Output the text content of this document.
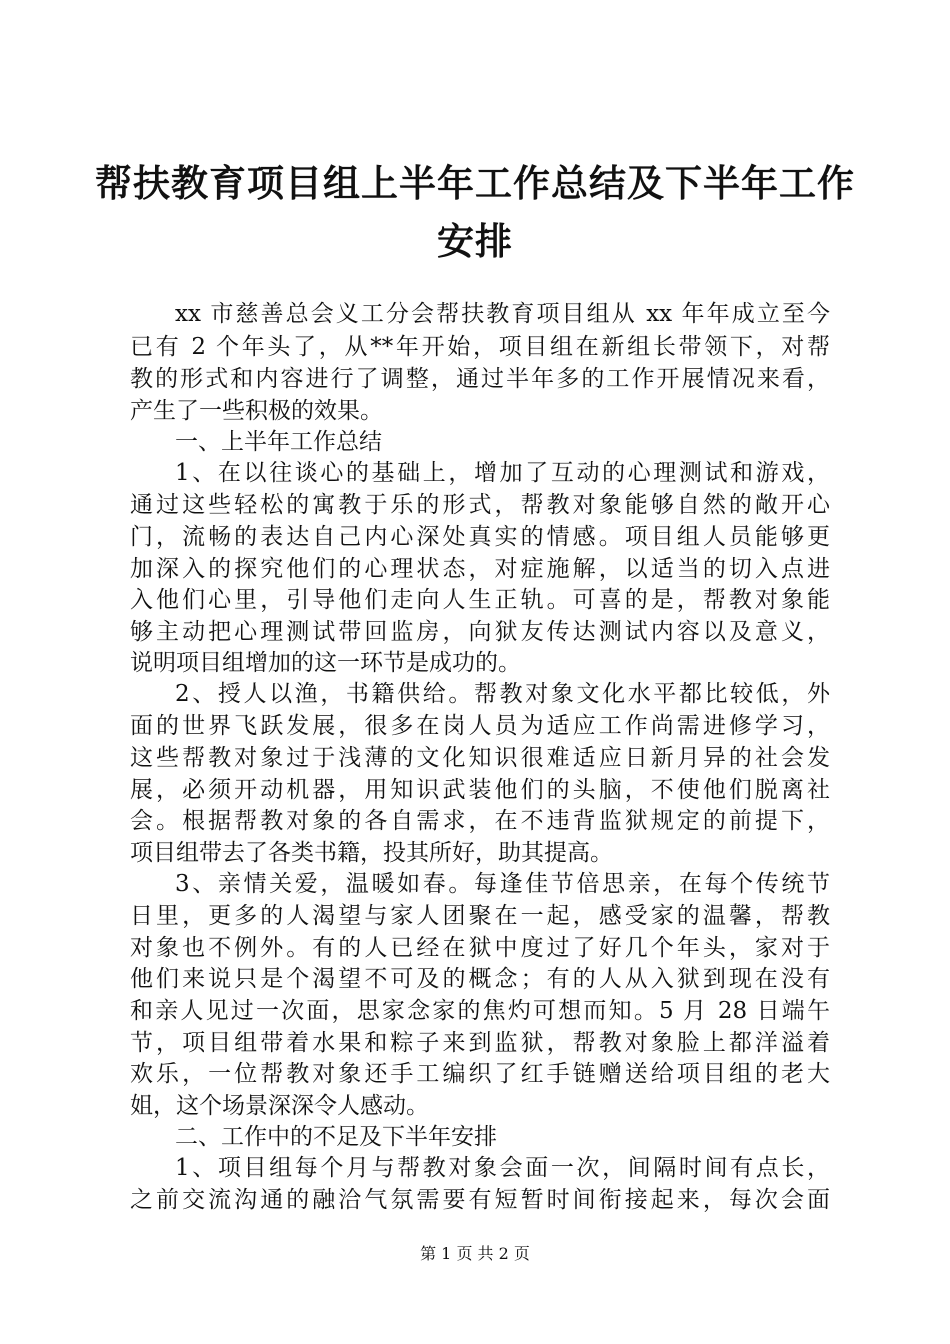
帮扶教育项目组上半年工作总结及下半年工作
安排
xx 市慈善总会义工分会帮扶教育项目组从 xx 年年成立至今
已有 2 个年头了，从**年开始，项目组在新组长带领下，对帮
教的形式和内容进行了调整，通过半年多的工作开展情况来看，
产生了一些积极的效果。
一、上半年工作总结
1、在以往谈心的基础上，增加了互动的心理测试和游戏，
通过这些轻松的寓教于乐的形式，帮教对象能够自然的敞开心
门，流畅的表达自己内心深处真实的情感。项目组人员能够更
加深入的探究他们的心理状态，对症施解，以适当的切入点进
入他们心里，引导他们走向人生正轨。可喜的是，帮教对象能
够主动把心理测试带回监房，向狱友传达测试内容以及意义，
说明项目组增加的这一环节是成功的。
2、授人以渔，书籍供给。帮教对象文化水平都比较低，外
面的世界飞跃发展，很多在岗人员为适应工作尚需进修学习，
这些帮教对象过于浅薄的文化知识很难适应日新月异的社会发
展，必须开动机器，用知识武装他们的头脑，不使他们脱离社
会。根据帮教对象的各自需求，在不违背监狱规定的前提下，
项目组带去了各类书籍，投其所好，助其提高。
3、亲情关爱，温暖如春。每逢佳节倍思亲，在每个传统节
日里，更多的人渴望与家人团聚在一起，感受家的温馨，帮教
对象也不例外。有的人已经在狱中度过了好几个年头，家对于
他们来说只是个渴望不可及的概念；有的人从入狱到现在没有
和亲人见过一次面，思家念家的焦灼可想而知。5 月 28 日端午
节，项目组带着水果和粽子来到监狱，帮教对象脸上都洋溢着
欢乐，一位帮教对象还手工编织了红手链赠送给项目组的老大
姐，这个场景深深令人感动。
二、工作中的不足及下半年安排
1、项目组每个月与帮教对象会面一次，间隔时间有点长，
之前交流沟通的融洽气氛需要有短暂时间衔接起来，每次会面
第 1 页 共 2 页
